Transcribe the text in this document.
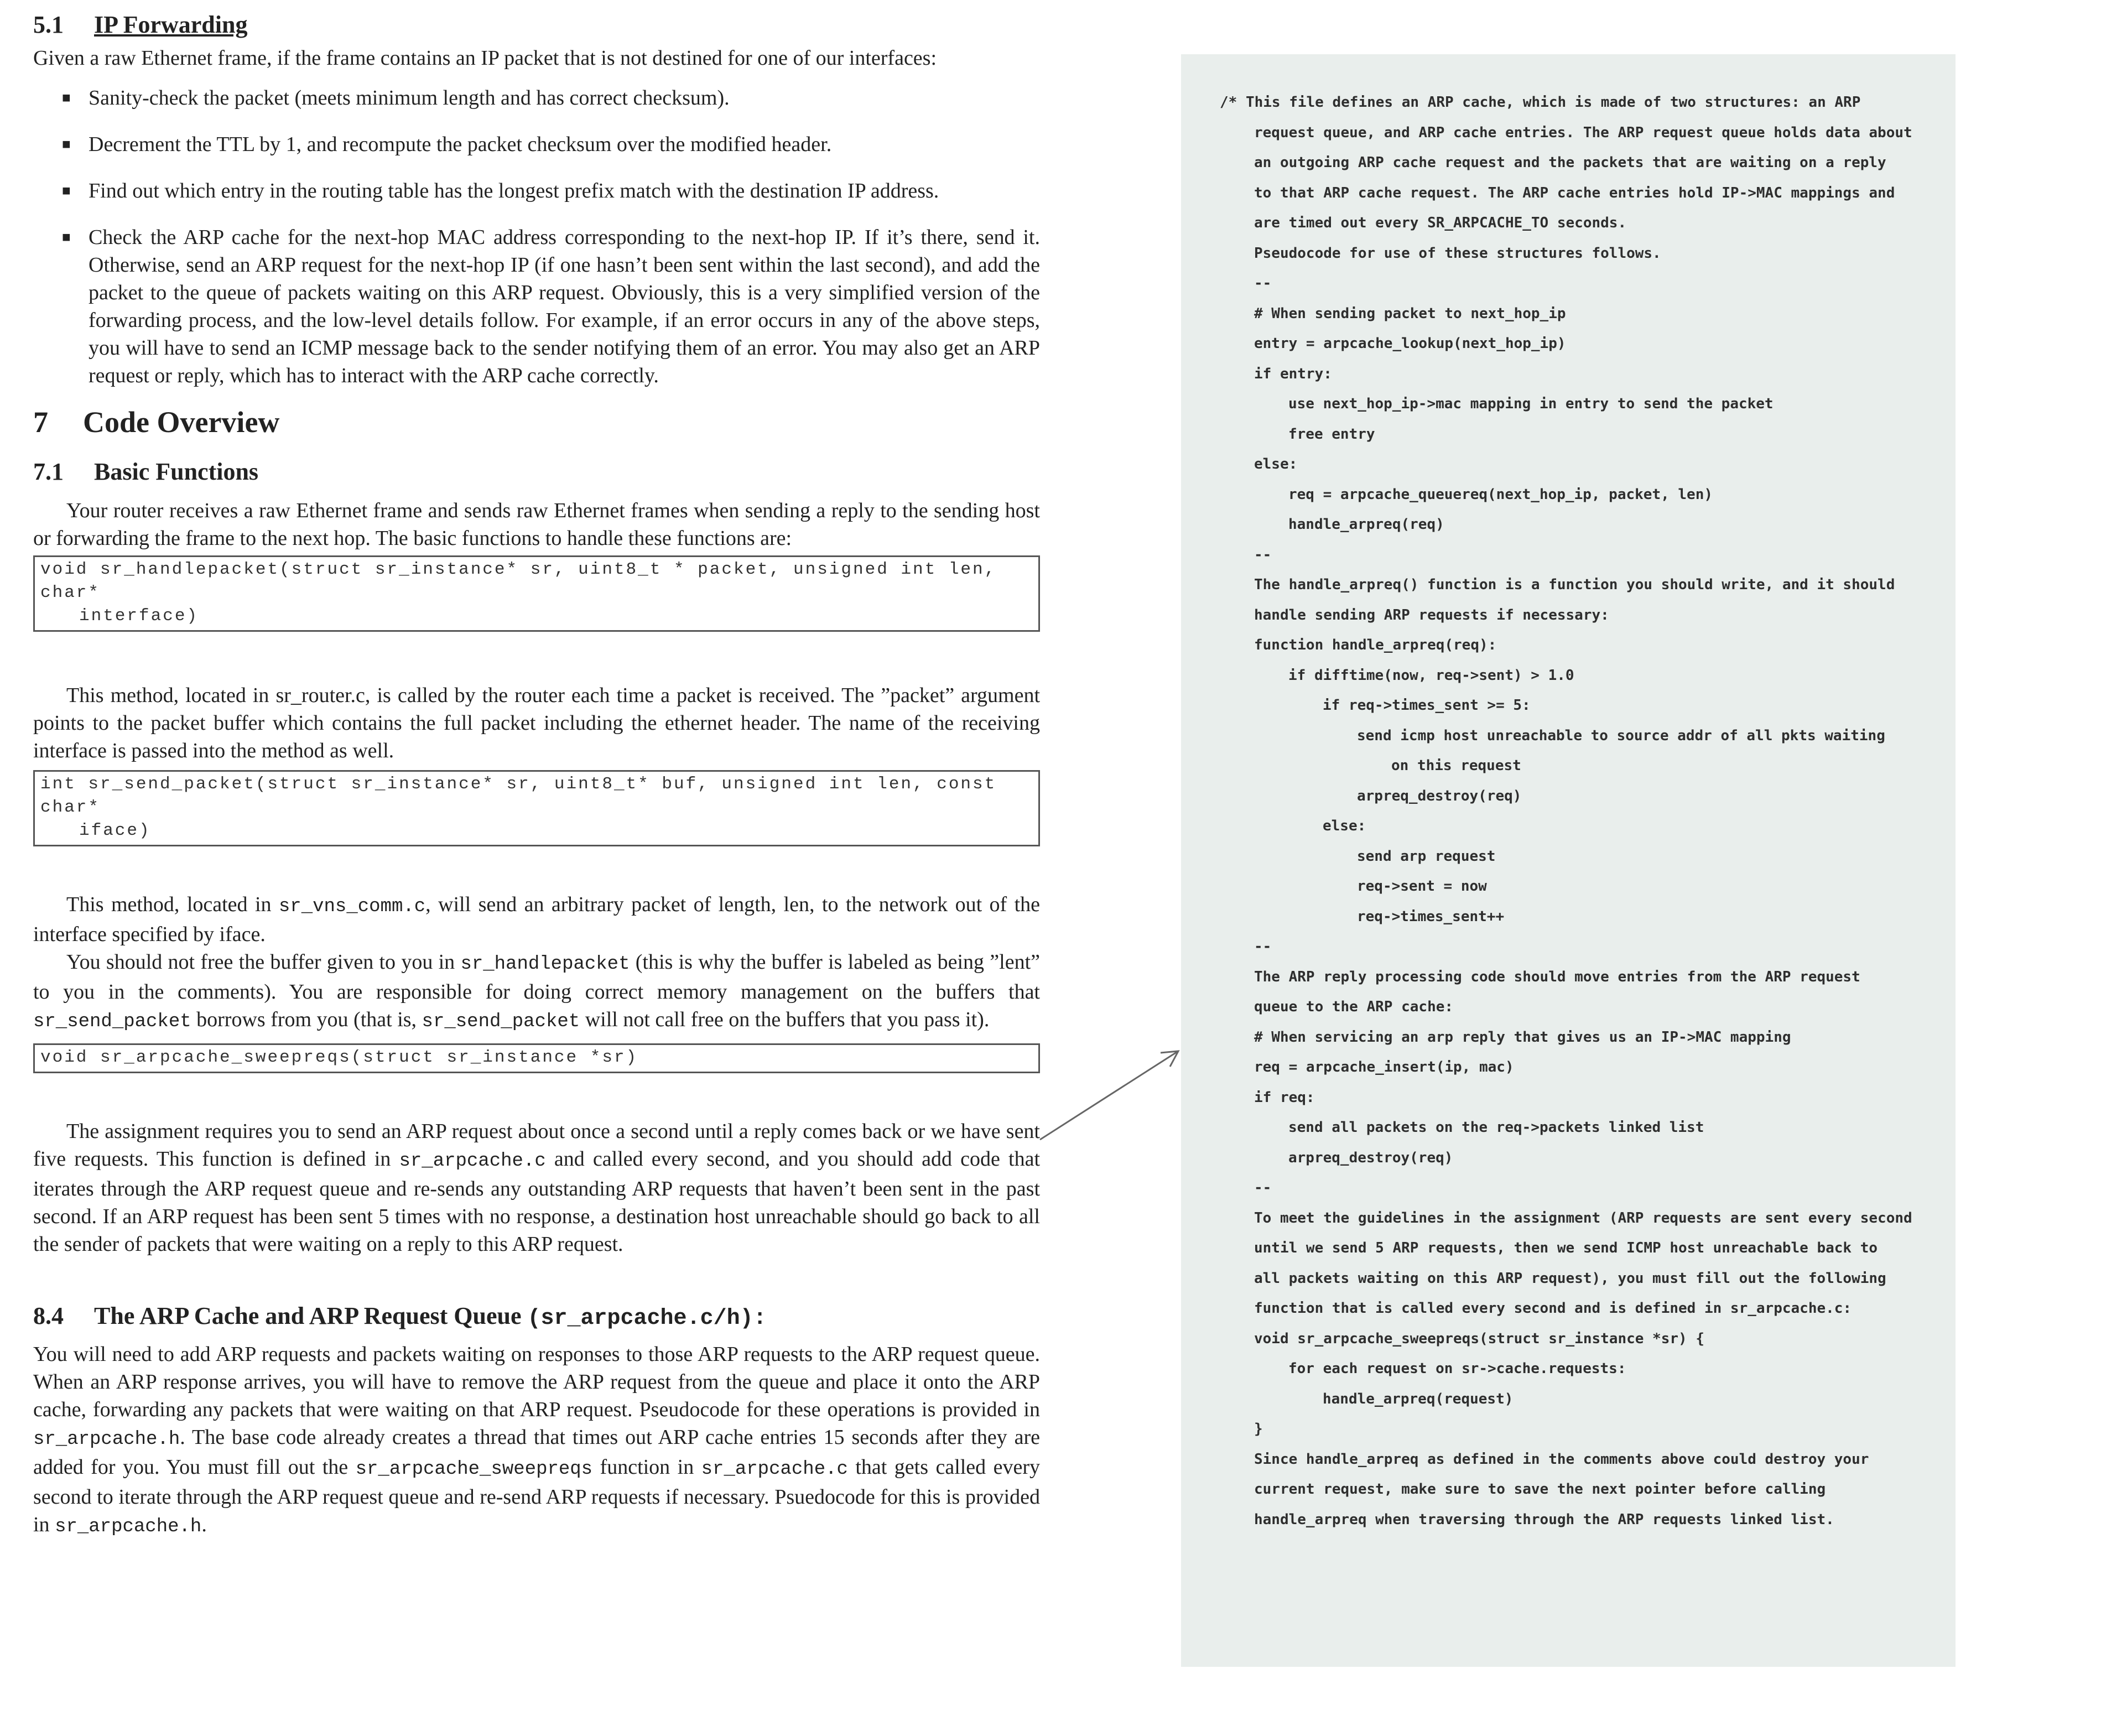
5.1 IP Forwarding

Given a raw Ethernet frame, if the frame contains an IP packet that is not destined for one of our interfaces:

■ Sanity-check the packet (meets minimum length and has correct checksum).
■ Decrement the TTL by 1, and recompute the packet checksum over the modified header.
■ Find out which entry in the routing table has the longest prefix match with the destination IP address.
■ Check the ARP cache for the next-hop MAC address corresponding to the next-hop IP. If it’s there, send it. Otherwise, send an ARP request for the next-hop IP (if one hasn’t been sent within the last second), and add the packet to the queue of packets waiting on this ARP request. Obviously, this is a very simplified version of the forwarding process, and the low-level details follow. For example, if an error occurs in any of the above steps, you will have to send an ICMP message back to the sender notifying them of an error. You may also get an ARP request or reply, which has to interact with the ARP cache correctly.
7 Code Overview
7.1 Basic Functions

Your router receives a raw Ethernet frame and sends raw Ethernet frames when sending a reply to the sending host or forwarding the frame to the next hop. The basic functions to handle these functions are:

void sr_handlepacket(struct sr_instance* sr, uint8_t * packet, unsigned int len, char*
interface)

This method, located in sr_router.c, is called by the router each time a packet is received. The ”packet” argument points to the packet buffer which contains the full packet including the ethernet header. The name of the receiving interface is passed into the method as well.

int sr_send_packet(struct sr_instance* sr, uint8_t* buf, unsigned int len, const char*
iface)

This method, located in sr_vns_comm.c, will send an arbitrary packet of length, len, to the network out of the interface specified by iface.

You should not free the buffer given to you in sr_handlepacket (this is why the buffer is labeled as being ”lent” to you in the comments). You are responsible for doing correct memory management on the buffers that sr_send_packet borrows from you (that is, sr_send_packet will not call free on the buffers that you pass it).

void sr_arpcache_sweepreqs(struct sr_instance *sr)

The assignment requires you to send an ARP request about once a second until a reply comes back or we have sent five requests. This function is defined in sr_arpcache.c and called every second, and you should add code that iterates through the ARP request queue and re-sends any outstanding ARP requests that haven’t been sent in the past second. If an ARP request has been sent 5 times with no response, a destination host unreachable should go back to all the sender of packets that were waiting on a reply to this ARP request.

8.4 The ARP Cache and ARP Request Queue (sr_arpcache.c/h):

You will need to add ARP requests and packets waiting on responses to those ARP requests to the ARP request queue. When an ARP response arrives, you will have to remove the ARP request from the queue and place it onto the ARP cache, forwarding any packets that were waiting on that ARP request. Pseudocode for these operations is provided in sr_arpcache.h. The base code already creates a thread that times out ARP cache entries 15 seconds after they are added for you. You must fill out the sr_arpcache_sweepreqs function in sr_arpcache.c that gets called every second to iterate through the ARP request queue and re-send ARP requests if necessary. Psuedocode for this is provided in sr_arpcache.h.

/* This file defines an ARP cache, which is made of two structures: an ARP
request queue, and ARP cache entries. The ARP request queue holds data about
an outgoing ARP cache request and the packets that are waiting on a reply
to that ARP cache request. The ARP cache entries hold IP->MAC mappings and
are timed out every SR_ARPCACHE_TO seconds.
Pseudocode for use of these structures follows.
--
# When sending packet to next_hop_ip
entry = arpcache_lookup(next_hop_ip)
if entry:
use next_hop_ip->mac mapping in entry to send the packet
free entry
else:
req = arpcache_queuereq(next_hop_ip, packet, len)
handle_arpreq(req)
--
The handle_arpreq() function is a function you should write, and it should
handle sending ARP requests if necessary:
function handle_arpreq(req):
if difftime(now, req->sent) > 1.0
if req->times_sent >= 5:
send icmp host unreachable to source addr of all pkts waiting
on this request
arpreq_destroy(req)
else:
send arp request
req->sent = now
req->times_sent++
--
The ARP reply processing code should move entries from the ARP request
queue to the ARP cache:
# When servicing an arp reply that gives us an IP->MAC mapping
req = arpcache_insert(ip, mac)
if req:
send all packets on the req->packets linked list
arpreq_destroy(req)
--
To meet the guidelines in the assignment (ARP requests are sent every second
until we send 5 ARP requests, then we send ICMP host unreachable back to
all packets waiting on this ARP request), you must fill out the following
function that is called every second and is defined in sr_arpcache.c:
void sr_arpcache_sweepreqs(struct sr_instance *sr) {
for each request on sr->cache.requests:
handle_arpreq(request)
}
Since handle_arpreq as defined in the comments above could destroy your
current request, make sure to save the next pointer before calling
handle_arpreq when traversing through the ARP requests linked list.
